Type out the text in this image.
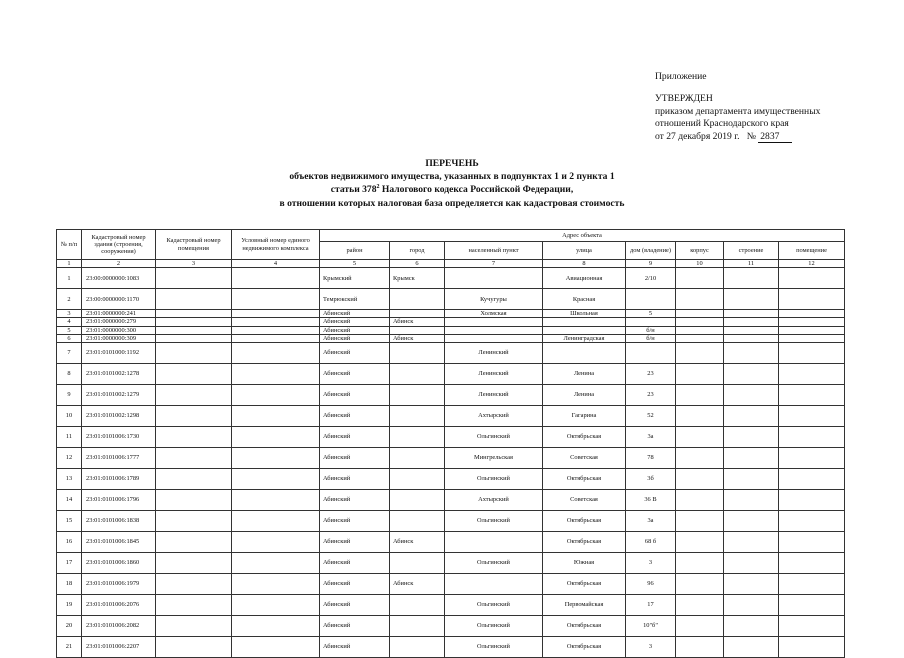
Приложение
УТВЕРЖДЕН
приказом департамента имущественных
отношений Краснодарского края
от 27 декабря 2019 г.   № 2837
ПЕРЕЧЕНЬ
объектов недвижимого имущества, указанных в подпунктах 1 и 2 пункта 1
статьи $378^2$ Налогового кодекса Российской Федерации,
в отношении которых налоговая база определяется как кадастровая стоимость
№ п/п	Кадастровый номер здания (строения, сооружения)	Кадастровый номер помещения	Условный номер единого недвижимого комплекса	Адрес объекта							
				район	город	населенный пункт	улица	дом (владение)	корпус	строение	помещение
1	2	3	4	5	6	7	8	9	10	11	12
1	23:00:0000000:1083			Крымский	Крымск		Авиационная	2/10			
2	23:00:0000000:1170			Темрюкский		Кучугуры	Красная				
3	23:01:0000000:241			Абинский		Холмская	Школьная	5			
4	23:01:0000000:279			Абинский	Абинск						
5	23:01:0000000:300			Абинский				б/н			
6	23:01:0000000:309			Абинский	Абинск		Ленинградская	б/н			
7	23:01:0101000:1192			Абинский		Ленинский					
8	23:01:0101002:1278			Абинский		Ленинский	Ленина	23			
9	23:01:0101002:1279			Абинский		Ленинский	Ленина	23			
10	23:01:0101002:1298			Абинский		Ахтырский	Гагарина	52			
11	23:01:0101006:1730			Абинский		Ольгинский	Октябрьская	3а			
12	23:01:0101006:1777			Абинский		Мингрельская	Советская	78			
13	23:01:0101006:1789			Абинский		Ольгинский	Октябрьская	3б			
14	23:01:0101006:1796			Абинский		Ахтырский	Советская	36 В			
15	23:01:0101006:1838			Абинский		Ольгинский	Октябрьская	3а			
16	23:01:0101006:1845			Абинский	Абинск		Октябрьская	68 б			
17	23:01:0101006:1860			Абинский		Ольгинский	Южная	3			
18	23:01:0101006:1979			Абинский	Абинск		Октябрьская	96			
19	23:01:0101006:2076			Абинский		Ольгинский	Первомайская	17			
20	23:01:0101006:2082			Абинский		Ольгинский	Октябрьская	10"б"			
21	23:01:0101006:2207			Абинский		Ольгинский	Октябрьская	3			
